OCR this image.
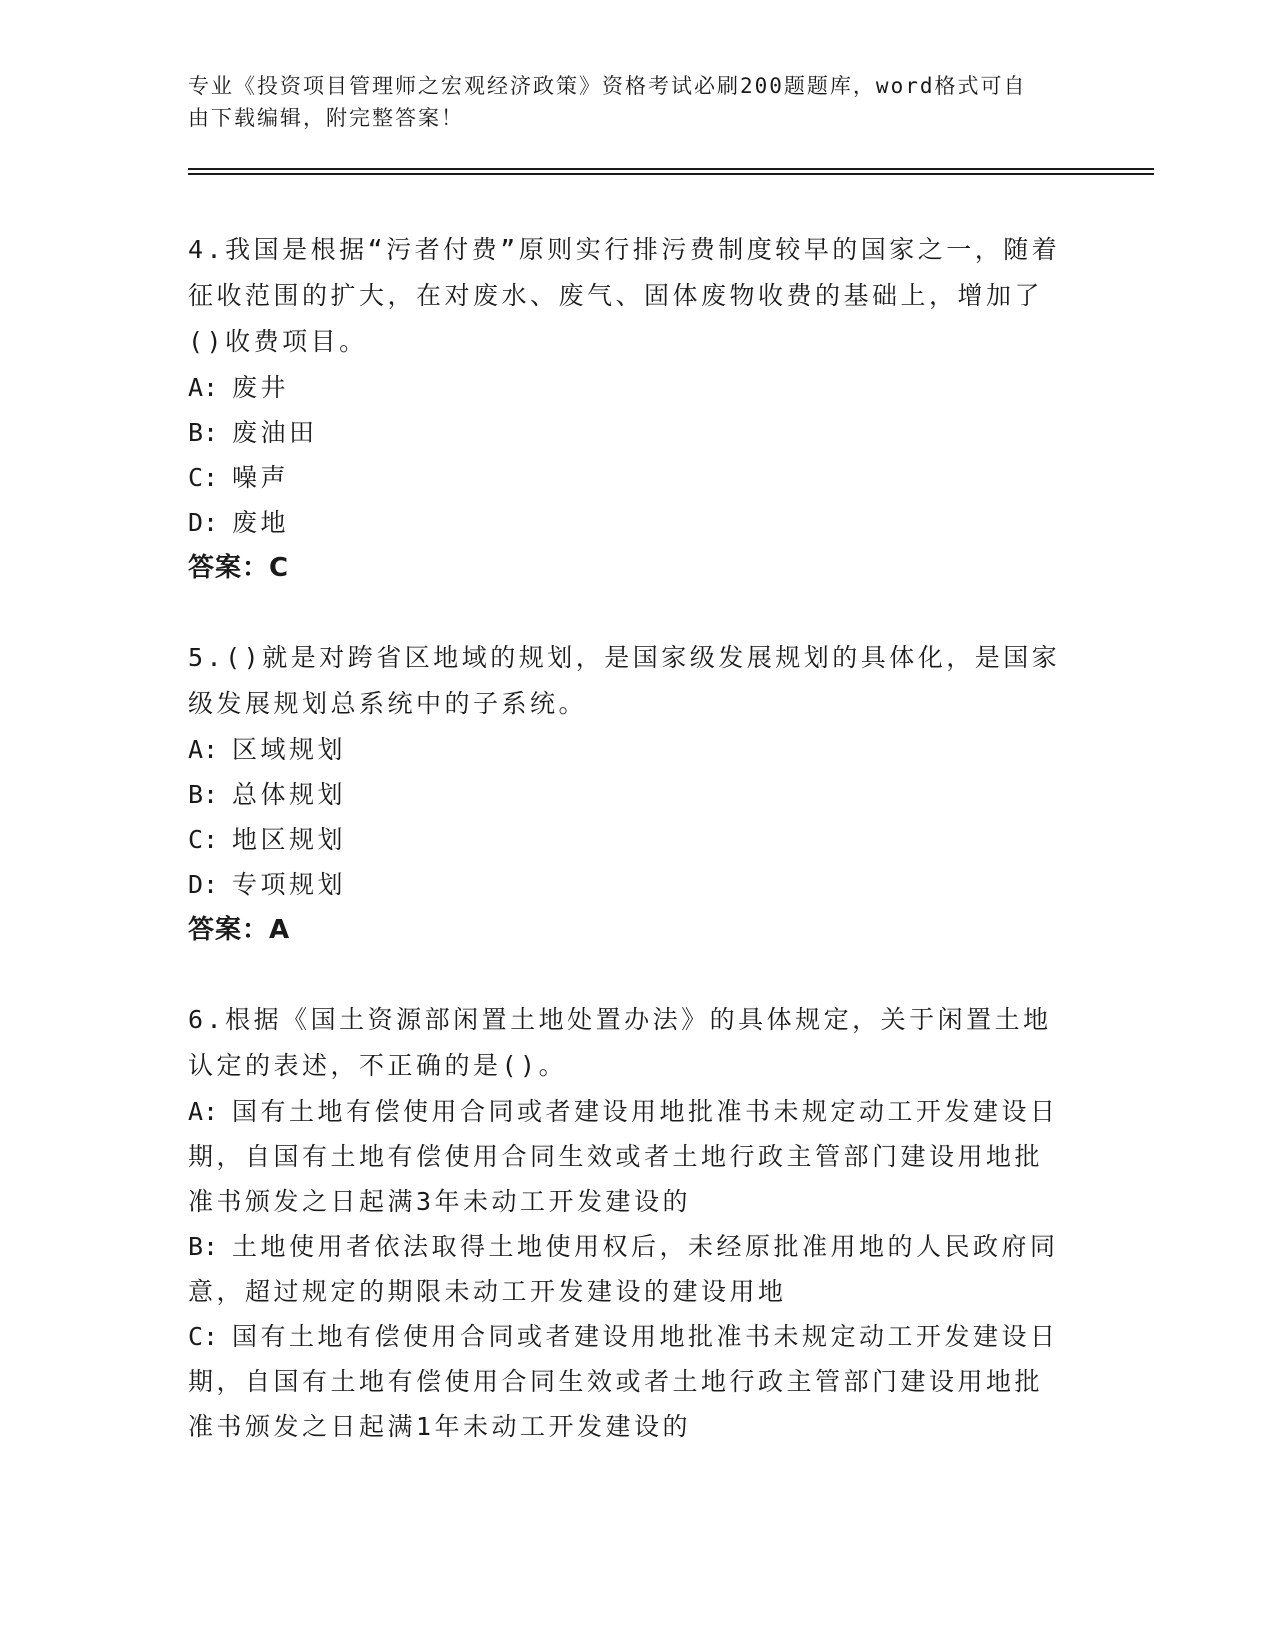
专业《投资项目管理师之宏观经济政策》资格考试必刷200题题库，word格式可自由下载编辑，附完整答案！

4.我国是根据“污者付费”原则实行排污费制度较早的国家之一，随着征收范围的扩大，在对废水、废气、固体废物收费的基础上，增加了()收费项目。

A: 废井

B: 废油田

C: 噪声

D: 废地

答案：C

5.()就是对跨省区地域的规划，是国家级发展规划的具体化，是国家级发展规划总系统中的子系统。

A: 区域规划

B: 总体规划

C: 地区规划

D: 专项规划

答案：A

6.根据《国土资源部闲置土地处置办法》的具体规定，关于闲置土地认定的表述，不正确的是()。

A: 国有土地有偿使用合同或者建设用地批准书未规定动工开发建设日期，自国有土地有偿使用合同生效或者土地行政主管部门建设用地批准书颁发之日起满3年未动工开发建设的

B: 土地使用者依法取得土地使用权后，未经原批准用地的人民政府同意，超过规定的期限未动工开发建设的建设用地

C: 国有土地有偿使用合同或者建设用地批准书未规定动工开发建设日期，自国有土地有偿使用合同生效或者土地行政主管部门建设用地批准书颁发之日起满1年未动工开发建设的
